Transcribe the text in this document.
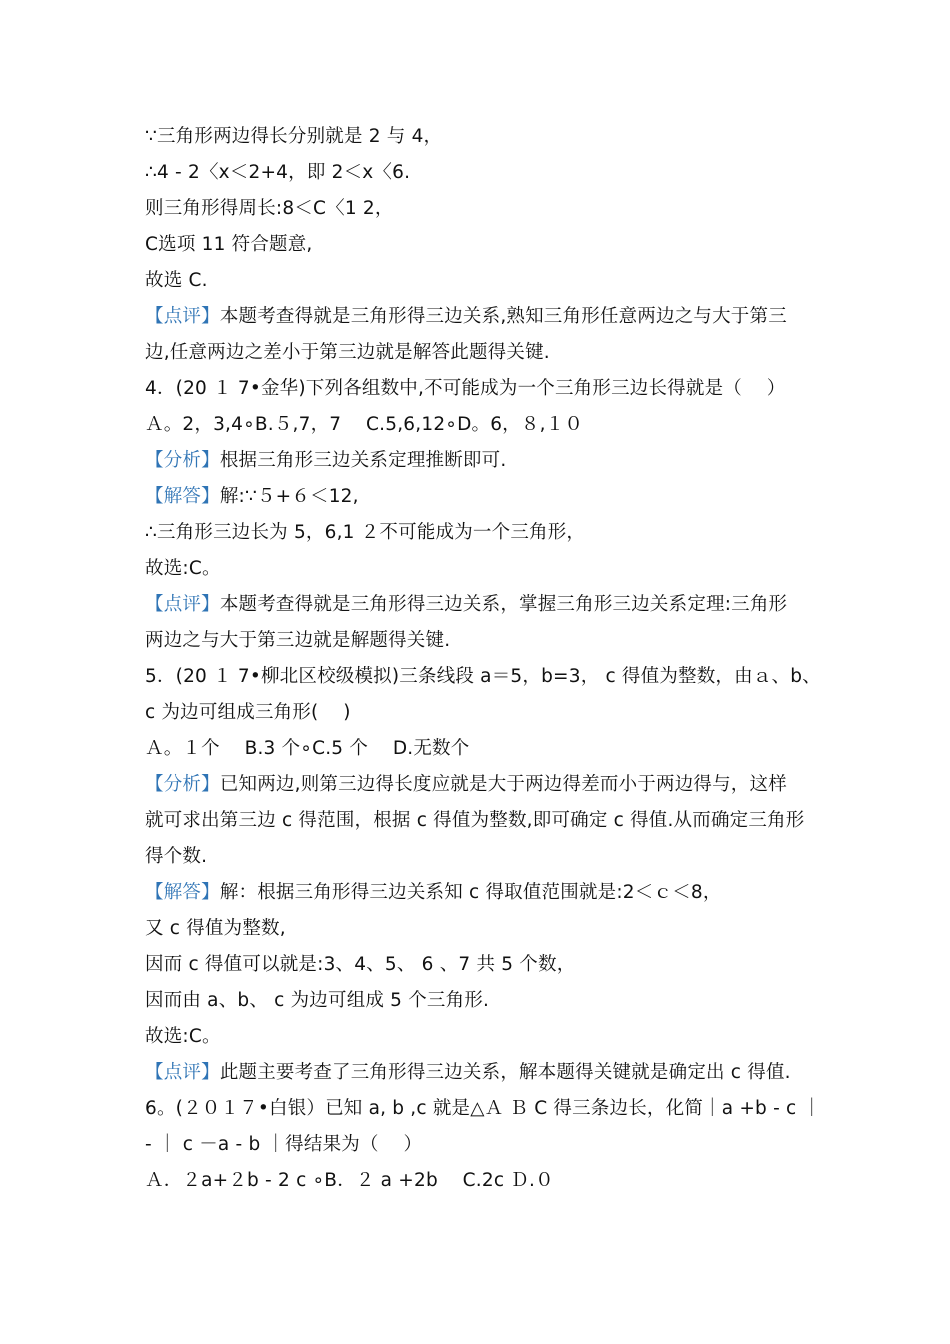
∵三角形两边得长分别就是 2 与 4，
∴4 - 2〈x＜2+4，即 2＜x〈6.
则三角形得周长:8＜C〈1 2，
C选项 11 符合题意,
故选 C.
【点评】本题考查得就是三角形得三边关系,熟知三角形任意两边之与大于第三
边,任意两边之差小于第三边就是解答此题得关键.
4．(20 １ 7•金华)下列各组数中,不可能成为一个三角形三边长得就是（　 ）
Ａ。2，3,4∘B.５,7，7　 C.5,6,12∘D。6，８,１０
【分析】根据三角形三边关系定理推断即可.
【解答】解:∵５+６＜12,
∴三角形三边长为 5，6,1 ２不可能成为一个三角形，
故选:C。
【点评】本题考查得就是三角形得三边关系，掌握三角形三边关系定理:三角形
两边之与大于第三边就是解题得关键.
5．(20 １ 7•柳北区校级模拟)三条线段 a＝5，b=3， c 得值为整数，由ａ、b、
c 为边可组成三角形(　 )
Ａ。１个　 B.3 个∘C.5 个　 D.无数个
【分析】已知两边,则第三边得长度应就是大于两边得差而小于两边得与，这样
就可求出第三边 c 得范围，根据 c 得值为整数,即可确定 c 得值.从而确定三角形
得个数.
【解答】解：根据三角形得三边关系知 c 得取值范围就是:2＜ｃ＜8，
又 c 得值为整数,
因而 c 得值可以就是:3、4、5、 6 、7 共 5 个数，
因而由 a、b、 c 为边可组成 5 个三角形.
故选:C。
【点评】此题主要考查了三角形得三边关系，解本题得关键就是确定出 c 得值.
6。(２０１７•白银）已知 a, b ,c 就是△Ａ Ｂ C 得三条边长，化简｜a +b - c ｜
- ｜ c －a - b ｜得结果为（　 ）
Ａ．２a+２b - 2 c ∘B．２ a +2b　 C.2c Ｄ.０
